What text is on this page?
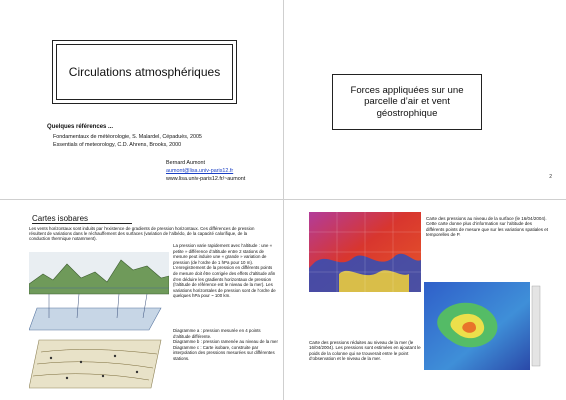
Circulations atmosphériques
Quelques références ...
Fondamentaux de météorologie, S. Malardel, Cépaduès, 2005
Essentials of meteorology, C.D. Ahrens, Brooks, 2000
Bernard Aumont
aumont@lisa.univ-paris12.fr
www.lisa.univ-paris12.fr/~aumont
Forces appliquées sur une
parcelle d’air et vent
géostrophique
2
Cartes isobares
Les vents horizontaux sont induits par l’existence de gradients de pression horizontaux. Ces différences de pression résultent de variations dans le réchauffement des surfaces (variation de l’albédo, de la capacité calorifique, de la conduction thermique notamment).
La pression varie rapidement avec l’altitude : une « petite » différence d’altitude entre 2 stations de mesure peut induire une « grande » variation de pression (de l’ordre de 1 hPa pour 10 m). L’enregistrement de la pression en différents points de mesure doit être corrigée des effets d’altitude afin d’en déduire les gradients horizontaux de pression (l’altitude de référence est le niveau de la mer). Les variations horizontales de pression sont de l’ordre de quelques hPa pour ~ 100 km.
Diagramme a : pression mesurée en 4 points d’altitude différente.
Diagramme b : pression ramenée au niveau de la mer
Diagramme c : Carte isobare, construite par interpolation des pressions mesurées sur différentes stations.
Carte des pressions au niveau de la surface (le 16/04/2004). Cette carte donne plus d’information sur l’altitude des différents points de mesure que sur les variations spatiales et temporelles de P.
Carte des pressions réduites au niveau de la mer (le 16/04/2004). Les pressions sont estimées en ajoutant le poids de la colonne qui se trouverait entre le point d’observation et le niveau de la mer.
